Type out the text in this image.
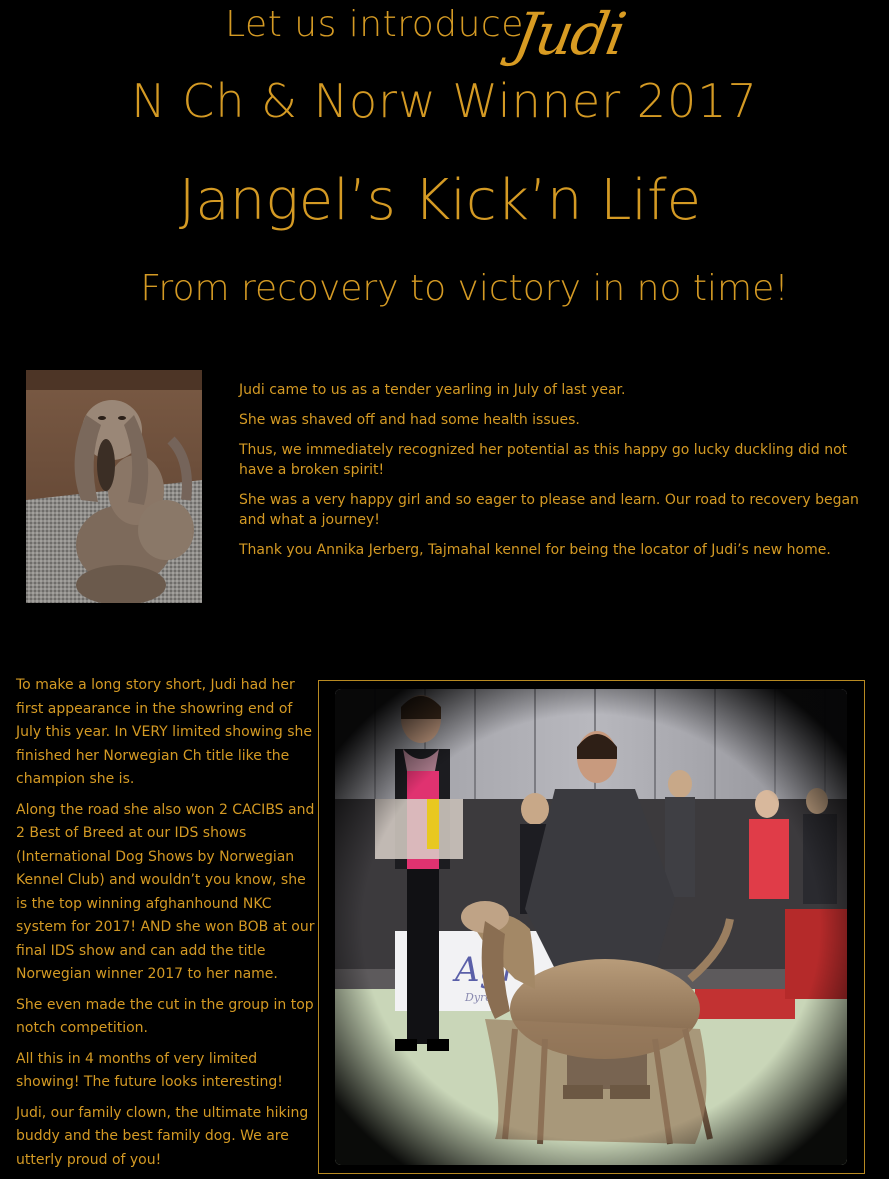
Let us introduce
Judi
N Ch & Norw Winner 2017
Jangel’s Kick’n Life
From recovery to victory in no time!

Judi came to us as a tender yearling in July of last year.

She was shaved off and had some health issues.

Thus, we immediately recognized her potential as this happy go lucky duckling did not have a broken spirit!

She was a very happy girl and so eager to please and learn. Our road to recovery began and what a journey!

Thank you Annika Jerberg, Tajmahal kennel for being the locator of Judi’s new home.

To make a long story short, Judi had her first appearance in the showring end of July this year. In VERY limited showing she finished her Norwegian Ch title like the champion she is.

Along the road she also won 2 CACIBS and 2 Best of Breed at our IDS shows (International Dog Shows by Norwegian Kennel Club) and wouldn’t you know, she is the top winning afghanhound NKC system for 2017! AND she won BOB at our final IDS show and can add the title Norwegian winner 2017 to her name.

She even made the cut in the group in top notch competition.

All this in 4 months of very limited showing! The future looks interesting!

Judi, our family clown, the ultimate hiking buddy and the best family dog. We are utterly proud of you!
